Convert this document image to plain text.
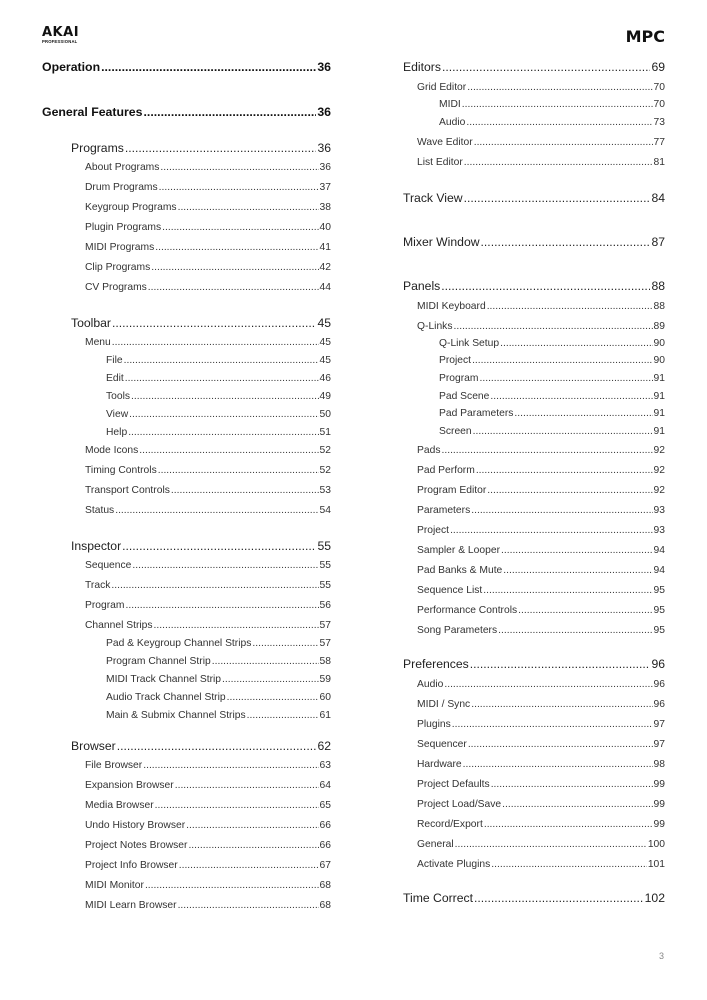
AKAI
PROFESSIONAL	MPC
Operation .....	36
General Features .....	36
Programs .....	36
About Programs .....	36
Drum Programs .....	37
Keygroup Programs .....	38
Plugin Programs .....	40
MIDI Programs .....	41
Clip Programs .....	42
CV Programs .....	44
Toolbar .....	45
Menu .....	45
File .....	45
Edit .....	46
Tools .....	49
View .....	50
Help .....	51
Mode Icons .....	52
Timing Controls .....	52
Transport Controls .....	53
Status .....	54
Inspector .....	55
Sequence .....	55
Track .....	55
Program .....	56
Channel Strips .....	57
Pad & Keygroup Channel Strips .....	57
Program Channel Strip .....	58
MIDI Track Channel Strip .....	59
Audio Track Channel Strip .....	60
Main & Submix Channel Strips .....	61
Browser .....	62
File Browser .....	63
Expansion Browser .....	64
Media Browser .....	65
Undo History Browser .....	66
Project Notes Browser .....	66
Project Info Browser .....	67
MIDI Monitor .....	68
MIDI Learn Browser .....	68
Editors .....	69
Grid Editor .....	70
MIDI .....	70
Audio .....	73
Wave Editor .....	77
List Editor .....	81
Track View .....	84
Mixer Window .....	87
Panels .....	88
MIDI Keyboard .....	88
Q-Links .....	89
Q-Link Setup .....	90
Project .....	90
Program .....	91
Pad Scene .....	91
Pad Parameters .....	91
Screen .....	91
Pads .....	92
Pad Perform .....	92
Program Editor .....	92
Parameters .....	93
Project .....	93
Sampler & Looper .....	94
Pad Banks & Mute .....	94
Sequence List .....	95
Performance Controls .....	95
Song Parameters .....	95
Preferences .....	96
Audio .....	96
MIDI / Sync .....	96
Plugins .....	97
Sequencer .....	97
Hardware .....	98
Project Defaults .....	99
Project Load/Save .....	99
Record/Export .....	99
General .....	100
Activate Plugins .....	101
Time Correct .....	102
3
